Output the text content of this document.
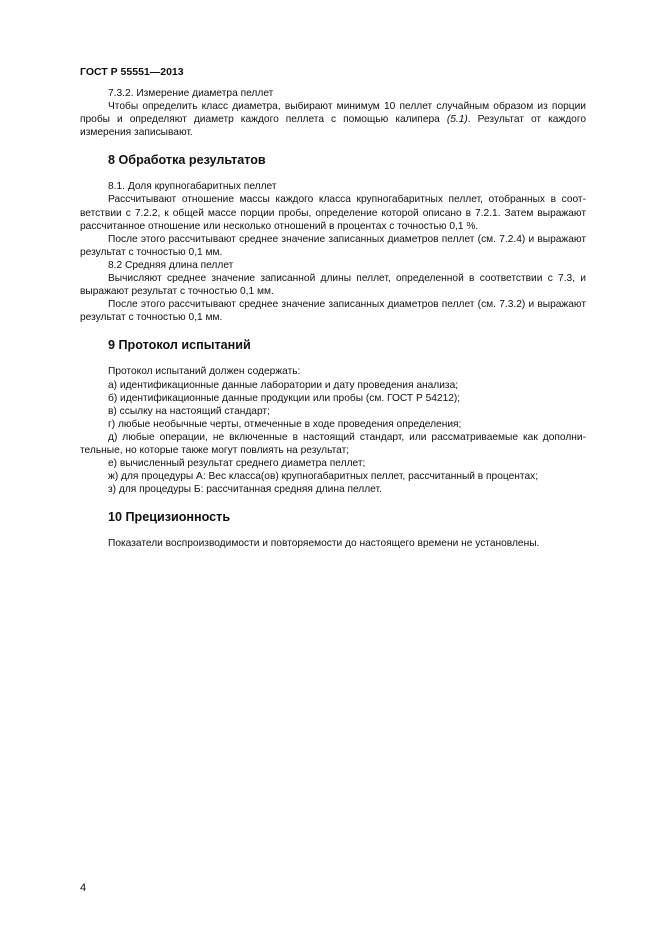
ГОСТ Р 55551—2013

7.3.2. Измерение диаметра пеллет

Чтобы определить класс диаметра, выбирают минимум 10 пеллет случайным образом из порции пробы и определяют диаметр каждого пеллета с помощью калипера (5.1). Результат от каждого измерения записывают.

8 Обработка результатов

8.1. Доля крупногабаритных пеллет

Рассчитывают отношение массы каждого класса крупногабаритных пеллет, отобранных в соответствии с 7.2.2, к общей массе порции пробы, определение которой описано в 7.2.1. Затем выражают рассчитанное отношение или несколько отношений в процентах с точностью 0,1 %.

После этого рассчитывают среднее значение записанных диаметров пеллет (см. 7.2.4) и выражают результат с точностью 0,1 мм.

8.2 Средняя длина пеллет

Вычисляют среднее значение записанной длины пеллет, определенной в соответствии с 7.3, и выражают результат с точностью 0,1 мм.

После этого рассчитывают среднее значение записанных диаметров пеллет (см. 7.3.2) и выражают результат с точностью 0,1 мм.

9 Протокол испытаний

Протокол испытаний должен содержать:

а) идентификационные данные лаборатории и дату проведения анализа;

б) идентификационные данные продукции или пробы (см. ГОСТ Р 54212);

в) ссылку на настоящий стандарт;

г) любые необычные черты, отмеченные в ходе проведения определения;

д) любые операции, не включенные в настоящий стандарт, или рассматриваемые как дополнительные, но которые также могут повлиять на результат;

е) вычисленный результат среднего диаметра пеллет;

ж) для процедуры А: Вес класса(ов) крупногабаритных пеллет, рассчитанный в процентах;

з) для процедуры Б: рассчитанная средняя длина пеллет.

10 Прецизионность

Показатели воспроизводимости и повторяемости до настоящего времени не установлены.

4
